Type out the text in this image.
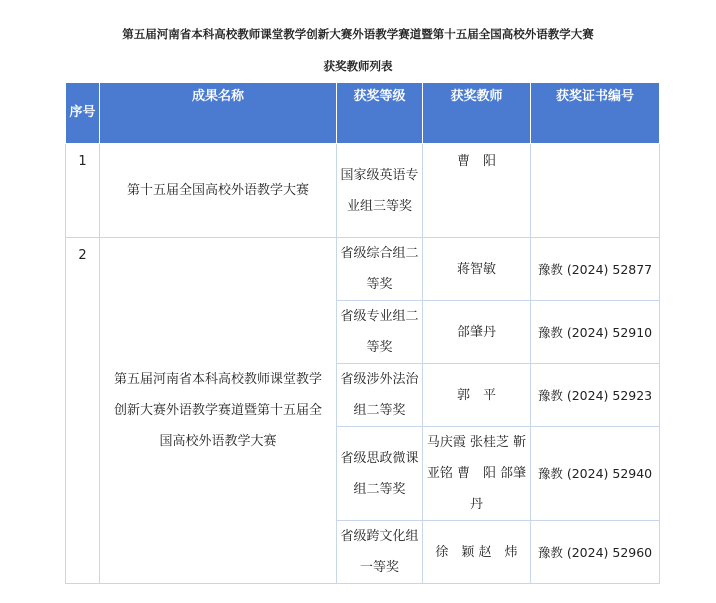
第五届河南省本科高校教师课堂教学创新大赛外语教学赛道暨第十五届全国高校外语教学大赛
获奖教师列表
序号	成果名称	获奖等级	获奖教师	获奖证书编号
1	第十五届全国高校外语教学大赛	国家级英语专业组三等奖	曹　阳	
2	第五届河南省本科高校教师课堂教学创新大赛外语教学赛道暨第十五届全国高校外语教学大赛	省级综合组二等奖	蒋智敏	豫教 (2024) 52877
		省级专业组二等奖	郃肇丹	豫教 (2024) 52910
		省级涉外法治组二等奖	郭　平	豫教 (2024) 52923
		省级思政微课组二等奖	马庆霞 张桂芝 靳亚铭 曹　阳 郃肇丹	豫教 (2024) 52940
		省级跨文化组一等奖	徐　颖 赵　炜	豫教 (2024) 52960
